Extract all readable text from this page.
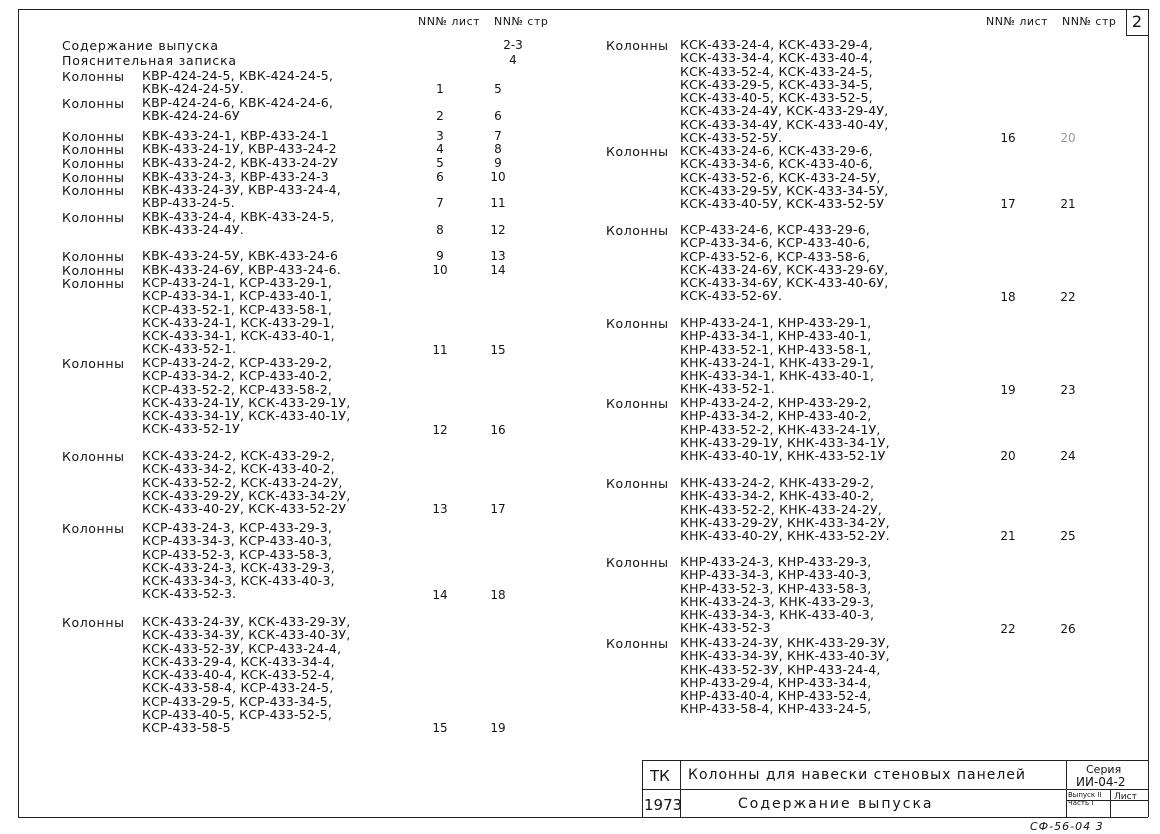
2
NN№ лист NN№ стр	NN№ лист NN№ стр
Содержание выпуска	2-3
Пояснительная записка	4
Колонны КВР-424-24-5, КВК-424-24-5,
КВК-424-24-5У.	1	5
Колонны КВР-424-24-6, КВК-424-24-6,
КВК-424-24-6У	2	6
Колонны КВК-433-24-1, КВР-433-24-1	3	7
Колонны КВК-433-24-1У, КВР-433-24-2	4	8
Колонны КВК-433-24-2, КВК-433-24-2У	5	9
Колонны КВК-433-24-3, КВР-433-24-3	6	10
Колонны КВК-433-24-3У, КВР-433-24-4,
КВР-433-24-5.	7	11
Колонны КВК-433-24-4, КВК-433-24-5,
КВК-433-24-4У.	8	12
Колонны КВК-433-24-5У, КВК-433-24-6	9	13
Колонны КВК-433-24-6У, КВР-433-24-6.	10	14
Колонны КСР-433-24-1, КСР-433-29-1,
КСР-433-34-1, КСР-433-40-1,
КСР-433-52-1, КСР-433-58-1,
КСК-433-24-1, КСК-433-29-1,
КСК-433-34-1, КСК-433-40-1,
КСК-433-52-1.	11	15
Колонны КСР-433-24-2, КСР-433-29-2,
КСР-433-34-2, КСР-433-40-2,
КСР-433-52-2, КСР-433-58-2,
КСК-433-24-1У, КСК-433-29-1У,
КСК-433-34-1У, КСК-433-40-1У,
КСК-433-52-1У	12	16
Колонны КСК-433-24-2, КСК-433-29-2,
КСК-433-34-2, КСК-433-40-2,
КСК-433-52-2, КСК-433-24-2У,
КСК-433-29-2У, КСК-433-34-2У,
КСК-433-40-2У, КСК-433-52-2У	13	17
Колонны КСР-433-24-3, КСР-433-29-3,
КСР-433-34-3, КСР-433-40-3,
КСР-433-52-3, КСР-433-58-3,
КСК-433-24-3, КСК-433-29-3,
КСК-433-34-3, КСК-433-40-3,
КСК-433-52-3.	14	18
Колонны КСК-433-24-3У, КСК-433-29-3У,
КСК-433-34-3У, КСК-433-40-3У,
КСК-433-52-3У, КСР-433-24-4,
КСК-433-29-4, КСК-433-34-4,
КСК-433-40-4, КСК-433-52-4,
КСК-433-58-4, КСР-433-24-5,
КСР-433-29-5, КСР-433-34-5,
КСР-433-40-5, КСР-433-52-5,
КСР-433-58-5	15	19
Колонны КСК-433-24-4, КСК-433-29-4,
КСК-433-34-4, КСК-433-40-4,
КСК-433-52-4, КСК-433-24-5,
КСК-433-29-5, КСК-433-34-5,
КСК-433-40-5, КСК-433-52-5,
КСК-433-24-4У, КСК-433-29-4У,
КСК-433-34-4У, КСК-433-40-4У,
КСК-433-52-5У.	16	20
Колонны КСК-433-24-6, КСК-433-29-6,
КСК-433-34-6, КСК-433-40-6,
КСК-433-52-6, КСК-433-24-5У,
КСК-433-29-5У, КСК-433-34-5У,
КСК-433-40-5У, КСК-433-52-5У	17	21
Колонны КСР-433-24-6, КСР-433-29-6,
КСР-433-34-6, КСР-433-40-6,
КСР-433-52-6, КСР-433-58-6,
КСК-433-24-6У, КСК-433-29-6У,
КСК-433-34-6У, КСК-433-40-6У,
КСК-433-52-6У.	18	22
Колонны КНР-433-24-1, КНР-433-29-1,
КНР-433-34-1, КНР-433-40-1,
КНР-433-52-1, КНР-433-58-1,
КНК-433-24-1, КНК-433-29-1,
КНК-433-34-1, КНК-433-40-1,
КНК-433-52-1.	19	23
Колонны КНР-433-24-2, КНР-433-29-2,
КНР-433-34-2, КНР-433-40-2,
КНР-433-52-2, КНК-433-24-1У,
КНК-433-29-1У, КНК-433-34-1У,
КНК-433-40-1У, КНК-433-52-1У	20	24
Колонны КНК-433-24-2, КНК-433-29-2,
КНК-433-34-2, КНК-433-40-2,
КНК-433-52-2, КНК-433-24-2У,
КНК-433-29-2У, КНК-433-34-2У,
КНК-433-40-2У, КНК-433-52-2У.	21	25
Колонны КНР-433-24-3, КНР-433-29-3,
КНР-433-34-3, КНР-433-40-3,
КНР-433-52-3, КНР-433-58-3,
КНК-433-24-3, КНК-433-29-3,
КНК-433-34-3, КНК-433-40-3,
КНК-433-52-3	22	26
Колонны КНК-433-24-3У, КНК-433-29-3У,
КНК-433-34-3У, КНК-433-40-3У,
КНК-433-52-3У, КНР-433-24-4,
КНР-433-29-4, КНР-433-34-4,
КНР-433-40-4, КНР-433-52-4,
КНР-433-58-4, КНР-433-24-5,
ТК
1973
Колонны для навески стеновых панелей
Содержание выпуска
Серия
ИИ-04-2
Выпуск II Часть I
Лист
СФ-56-04 3
